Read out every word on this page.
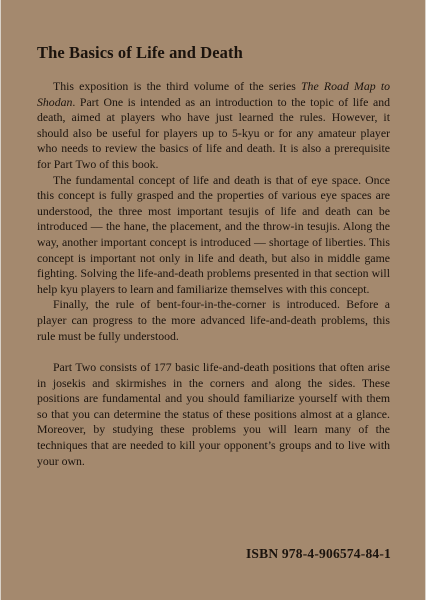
The Basics of Life and Death

This exposition is the third volume of the series The Road Map to Shodan. Part One is intended as an introduction to the topic of life and death, aimed at players who have just learned the rules. However, it should also be useful for players up to 5-kyu or for any amateur player who needs to review the basics of life and death. It is also a prerequisite for Part Two of this book.

The fundamental concept of life and death is that of eye space. Once this concept is fully grasped and the properties of various eye spaces are understood, the three most important tesujis of life and death can be introduced — the hane, the placement, and the throw-in tesujis. Along the way, another important concept is introduced — shortage of liberties. This concept is important not only in life and death, but also in middle game fighting. Solving the life-and-death problems presented in that section will help kyu players to learn and familiarize themselves with this concept.

Finally, the rule of bent-four-in-the-corner is introduced. Before a player can progress to the more advanced life-and-death problems, this rule must be fully understood.

Part Two consists of 177 basic life-and-death positions that often arise in josekis and skirmishes in the corners and along the sides. These positions are fundamental and you should familiarize yourself with them so that you can determine the status of these positions almost at a glance. Moreover, by studying these problems you will learn many of the techniques that are needed to kill your opponent’s groups and to live with your own.

ISBN 978-4-906574-84-1
